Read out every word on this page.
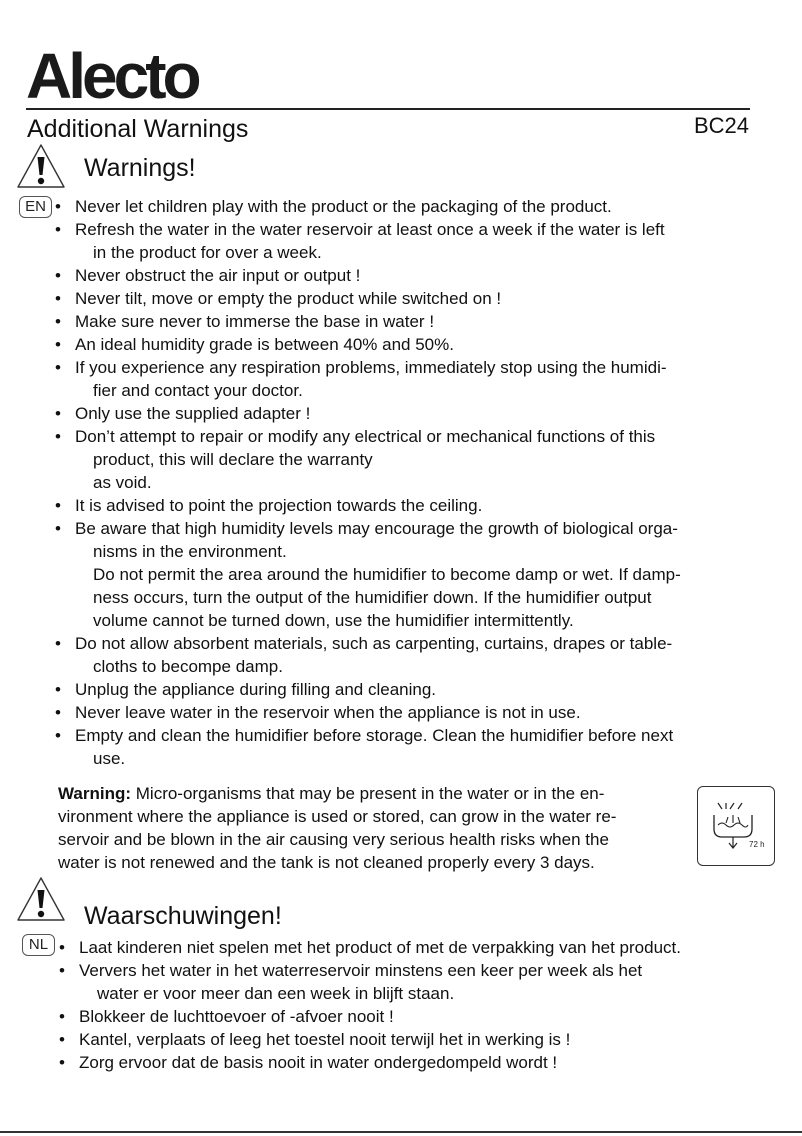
Alecto
Additional Warnings	BC24
Warnings!
EN	• Never let children play with the product or the packaging of the product.
• Refresh the water in the water reservoir at least once a week if the water is left
in the product for over a week.
• Never obstruct the air input or output !
• Never tilt, move or empty the product while switched on !
• Make sure never to immerse the base in water !
• An ideal humidity grade is between 40% and 50%.
• If you experience any respiration problems, immediately stop using the humidi-
fier and contact your doctor.
• Only use the supplied adapter !
• Don’t attempt to repair or modify any electrical or mechanical functions of this
product, this will declare the warranty
as void.
• It is advised to point the projection towards the ceiling.
• Be aware that high humidity levels may encourage the growth of biological orga-
nisms in the environment.
Do not permit the area around the humidifier to become damp or wet. If damp-
ness occurs, turn the output of the humidifier down. If the humidifier output
volume cannot be turned down, use the humidifier intermittently.
• Do not allow absorbent materials, such as carpenting, curtains, drapes or table-
cloths to becompe damp.
• Unplug the appliance during filling and cleaning.
• Never leave water in the reservoir when the appliance is not in use.
• Empty and clean the humidifier before storage. Clean the humidifier before next
use.
Warning: Micro-organisms that may be present in the water or in the en-
vironment where the appliance is used or stored, can grow in the water re-
servoir and be blown in the air causing very serious health risks when the
water is not renewed and the tank is not cleaned properly every 3 days.
72 h
Waarschuwingen!
NL	• Laat kinderen niet spelen met het product of met de verpakking van het product.
• Ververs het water in het waterreservoir minstens een keer per week als het
water er voor meer dan een week in blijft staan.
• Blokkeer de luchttoevoer of -afvoer nooit !
• Kantel, verplaats of leeg het toestel nooit terwijl het in werking is !
• Zorg ervoor dat de basis nooit in water ondergedompeld wordt !
